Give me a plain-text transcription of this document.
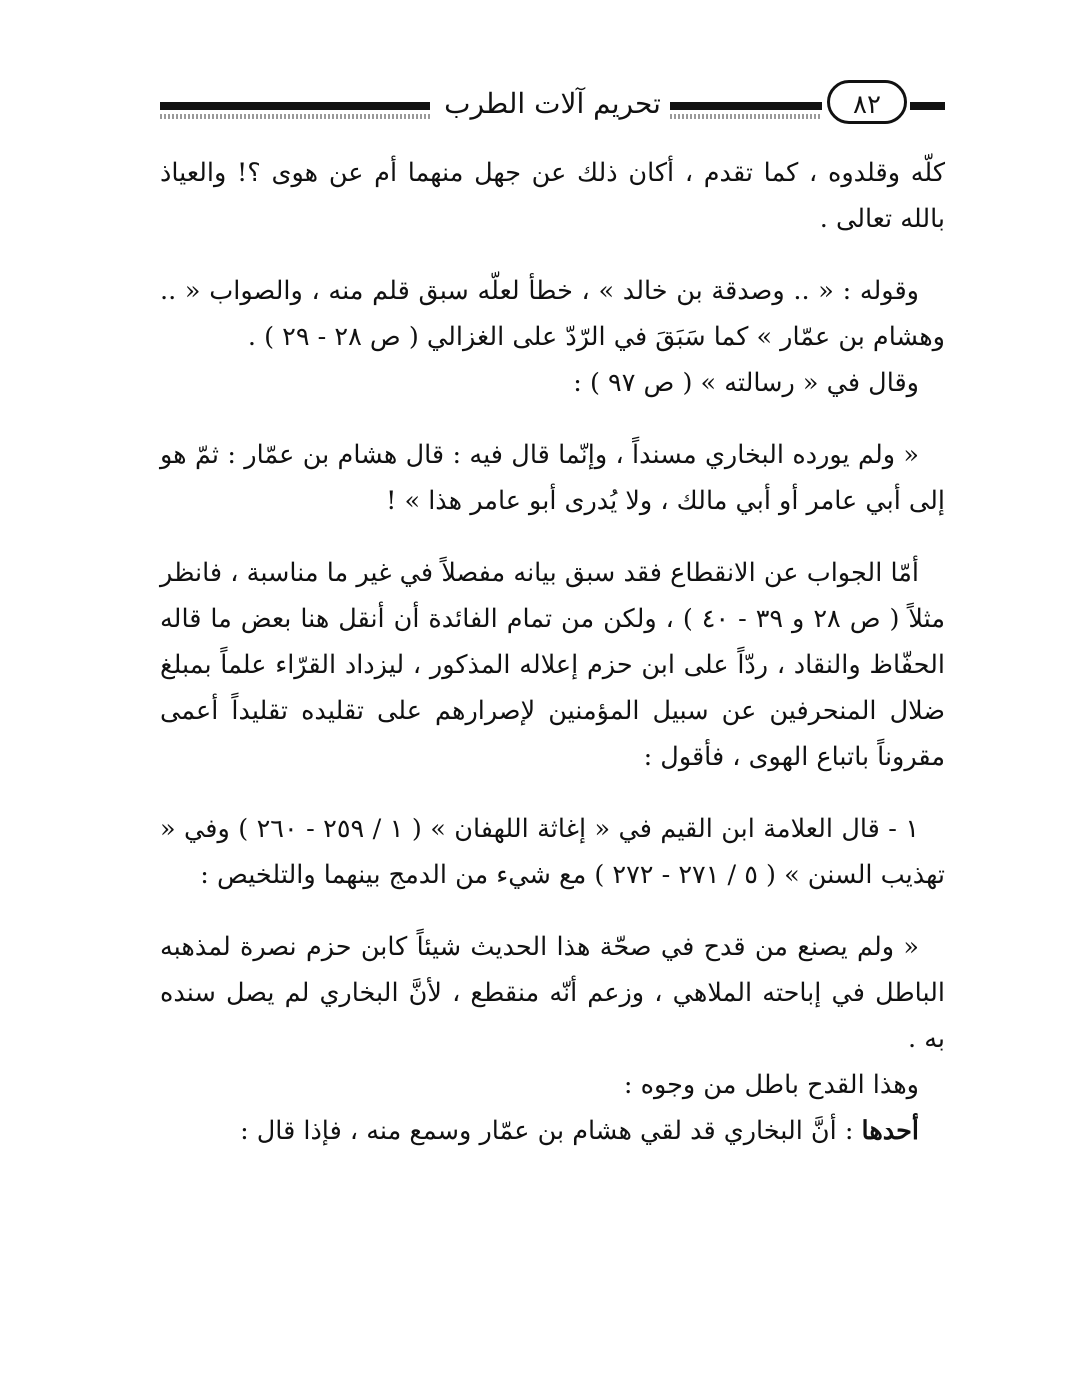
تحريم آلات الطرب	٨٢

كلّه وقلدوه ، كما تقدم ، أكان ذلك عن جهل منهما أم عن هوى ؟! والعياذ بالله تعالى .

وقوله : « .. وصدقة بن خالد » ، خطأ لعلّه سبق قلم منه ، والصواب « .. وهشام بن عمّار » كما سَبَقَ في الرّدّ على الغزالي ( ص ٢٨ - ٢٩ ) .

وقال في « رسالته » ( ص ٩٧ ) :

« ولم يورده البخاري مسنداً ، وإنّما قال فيه : قال هشام بن عمّار : ثمّ هو إلى أبي عامر أو أبي مالك ، ولا يُدرى أبو عامر هذا » !

أمّا الجواب عن الانقطاع فقد سبق بيانه مفصلاً في غير ما مناسبة ، فانظر مثلاً ( ص ٢٨ و ٣٩ - ٤٠ ) ، ولكن من تمام الفائدة أن أنقل هنا بعض ما قاله الحفّاظ والنقاد ، ردّاً على ابن حزم إعلاله المذكور ، ليزداد القرّاء علماً بمبلغ ضلال المنحرفين عن سبيل المؤمنين لإصرارهم على تقليده تقليداً أعمى مقروناً باتباع الهوى ، فأقول :

١ - قال العلامة ابن القيم في « إغاثة اللهفان » ( ١ / ٢٥٩ - ٢٦٠ ) وفي « تهذيب السنن » ( ٥ / ٢٧١ - ٢٧٢ ) مع شيء من الدمج بينهما والتلخيص :

« ولم يصنع من قدح في صحّة هذا الحديث شيئاً كابن حزم نصرة لمذهبه الباطل في إباحته الملاهي ، وزعم أنّه منقطع ، لأنَّ البخاري لم يصل سنده به .

وهذا القدح باطل من وجوه :

أحدها : أنَّ البخاري قد لقي هشام بن عمّار وسمع منه ، فإذا قال :
